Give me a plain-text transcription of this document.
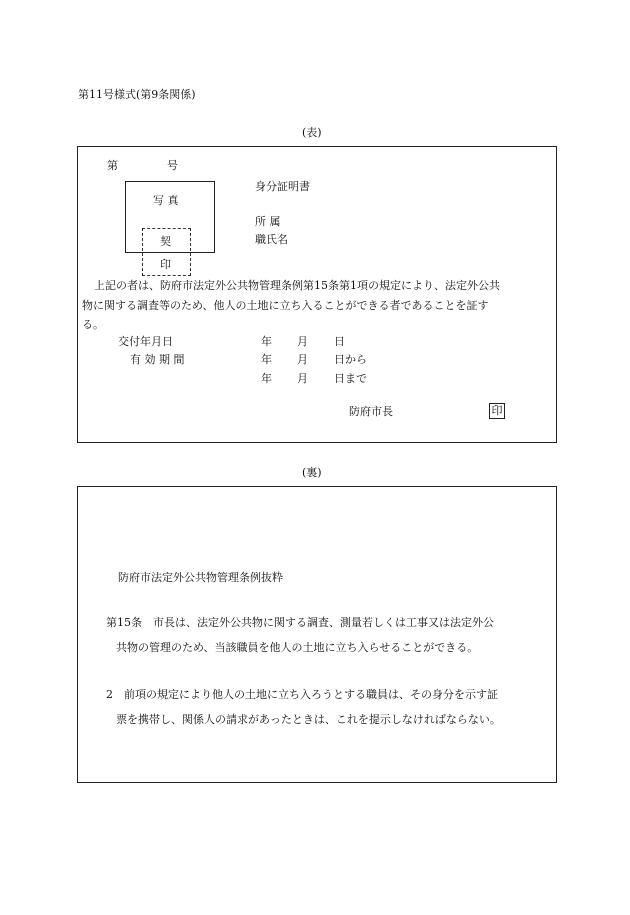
第11号様式(第9条関係)
(表)
第	号
写 真
契
印
身分証明書
所 属
職氏名
上記の者は、防府市法定外公共物管理条例第15条第1項の規定により、法定外公共
物に関する調査等のため、他人の土地に立ち入ることができる者であることを証す
る。
交付年月日	年 月 日
有 効 期 間	年 月 日から
年 月 日まで
防府市長	印
(裏)
防府市法定外公共物管理条例抜粋
第15条　市長は、法定外公共物に関する調査、測量若しくは工事又は法定外公
共物の管理のため、当該職員を他人の土地に立ち入らせることができる。
2　前項の規定により他人の土地に立ち入ろうとする職員は、その身分を示す証
票を携帯し、関係人の請求があったときは、これを提示しなければならない。
